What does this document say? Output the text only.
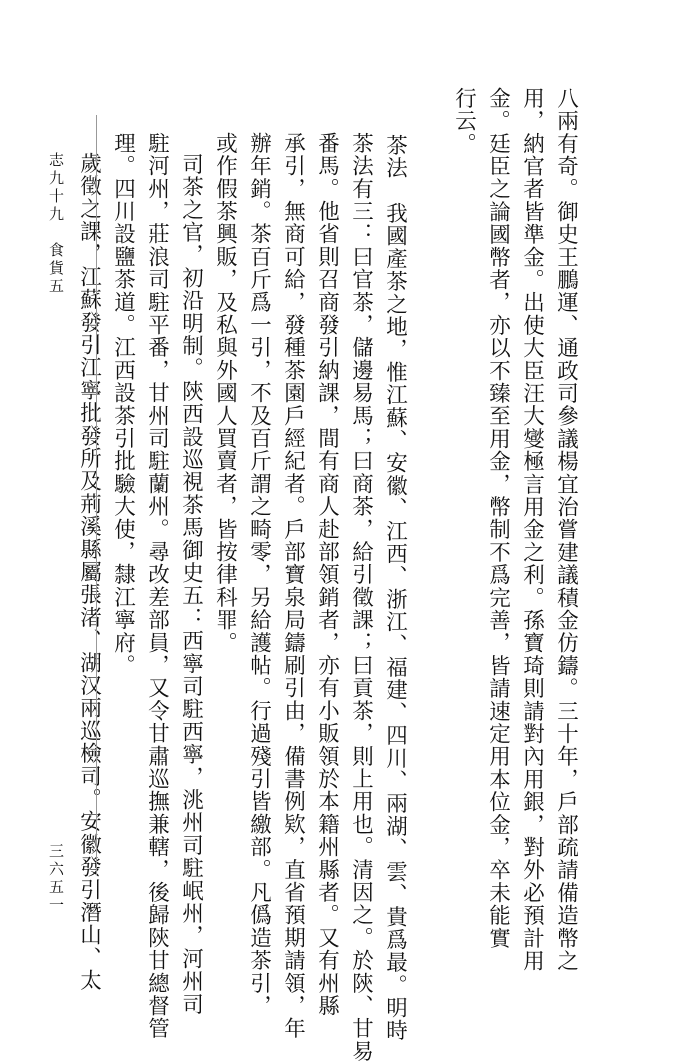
八兩有奇。御史王鵬運、通政司參議楊宜治嘗建議積金仿鑄。三十年，戶部疏請備造幣之
用，納官者皆準金。出使大臣汪大燮極言用金之利。孫寶琦則請對內用銀，對外必預計用
金。廷臣之論國幣者，亦以不臻至用金，幣制不爲完善，皆請速定用本位金，卒未能實
行云。
茶法　我國產茶之地，惟江蘇、安徽、江西、浙江、福建、四川、兩湖、雲、貴爲最。明時
茶法有三：曰官茶，儲邊易馬；曰商茶，給引徵課；曰貢茶，則上用也。清因之。於陝、甘易
番馬。他省則召商發引納課，間有商人赴部領銷者，亦有小販領於本籍州縣者。又有州縣
承引，無商可給，發種茶園戶經紀者。戶部寶泉局鑄刷引由，備書例欵，直省預期請領，年
辦年銷。茶百斤爲一引，不及百斤謂之畸零，另給護帖。行過殘引皆繳部。凡僞造茶引，
或作假茶興販，及私與外國人買賣者，皆按律科罪。
司茶之官，初沿明制。陝西設巡視茶馬御史五：西寧司駐西寧，洮州司駐岷州，河州司
駐河州，莊浪司駐平番，甘州司駐蘭州。尋改差部員，又令甘肅巡撫兼轄，後歸陝甘總督管
理。四川設鹽茶道。江西設茶引批驗大使，隸江寧府。
歲徵之課，江蘇發引江寧批發所及荊溪縣屬張渚、湖汉兩巡檢司。安徽發引潛山、太
志九十九　食貨五
三六五一
